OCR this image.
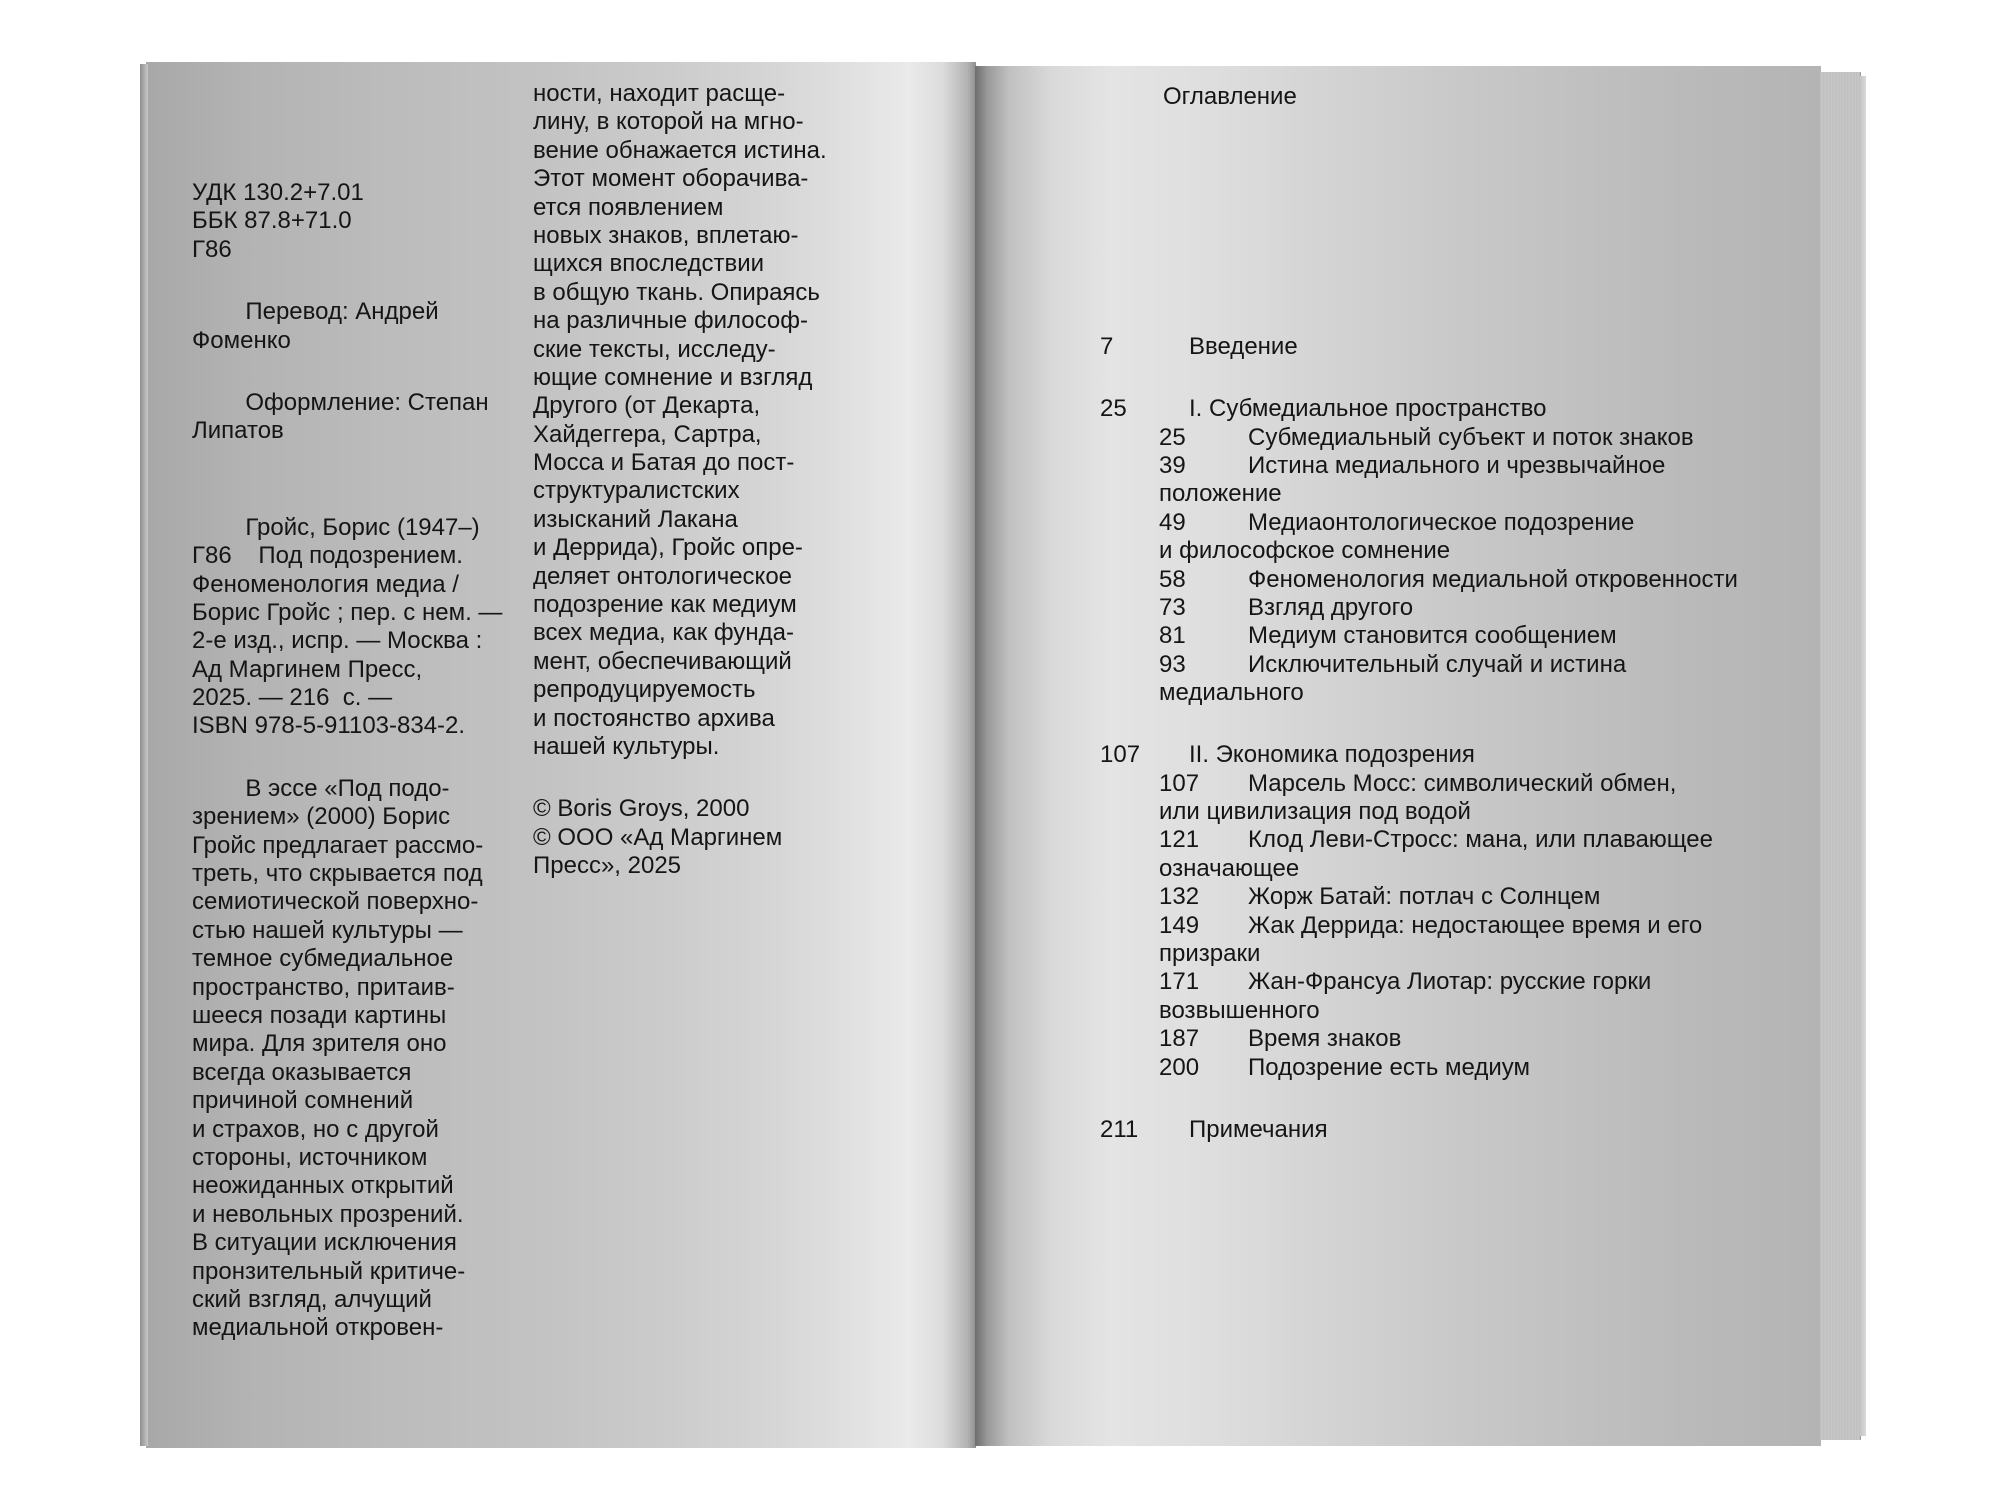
УДК 130.2+7.01
ББК 87.8+71.0
Г86
Перевод: Андрей
Фоменко
Оформление: Степан
Липатов
Гройс, Борис (1947–)
Г86    Под подозрением.
Феноменология медиа /
Борис Гройс ; пер. с нем. —
2-е изд., испр. — Москва :
Ад Маргинем Пресс,
2025. — 216  с. —
ISBN 978-5-91103-834-2.
В эссе «Под подо-
зрением» (2000) Борис
Гройс предлагает рассмо-
треть, что скрывается под
семиотической поверхно-
стью нашей культуры —
темное субмедиальное
пространство, притаив-
шееся позади картины
мира. Для зрителя оно
всегда оказывается
причиной сомнений
и страхов, но с другой
стороны, источником
неожиданных открытий
и невольных прозрений.
В ситуации исключения
пронзительный критиче-
ский взгляд, алчущий
медиальной откровен-
ности, находит расще-
лину, в которой на мгно-
вение обнажается истина.
Этот момент оборачива-
ется появлением
новых знаков, вплетаю-
щихся впоследствии
в общую ткань. Опираясь
на различные философ-
ские тексты, исследу-
ющие сомнение и взгляд
Другого (от Декарта,
Хайдеггера, Сартра,
Мосса и Батая до пост-
структуралистских
изысканий Лакана
и Деррида), Гройс опре-
деляет онтологическое
подозрение как медиум
всех медиа, как фунда-
мент, обеспечивающий
репродуцируемость
и постоянство архива
нашей культуры.
© Boris Groys, 2000
© ООО «Ад Маргинем
Пресс», 2025
Оглавление
7	Введение
25	I. Субмедиальное пространство
25	Субмедиальный субъект и поток знаков
39	Истина медиального и чрезвычайное
положение
49	Медиаонтологическое подозрение
и философское сомнение
58	Феноменология медиальной откровенности
73	Взгляд другого
81	Медиум становится сообщением
93	Исключительный случай и истина
медиального
107 II. Экономика подозрения
107 Марсель Мосс: символический обмен,
или цивилизация под водой
121 Клод Леви-Стросс: мана, или плавающее
означающее
132 Жорж Батай: потлач с Солнцем
149 Жак Деррида: недостающее время и его
призраки
171 Жан-Франсуа Лиотар: русские горки
возвышенного
187 Время знаков
200 Подозрение есть медиум
211 Примечания
